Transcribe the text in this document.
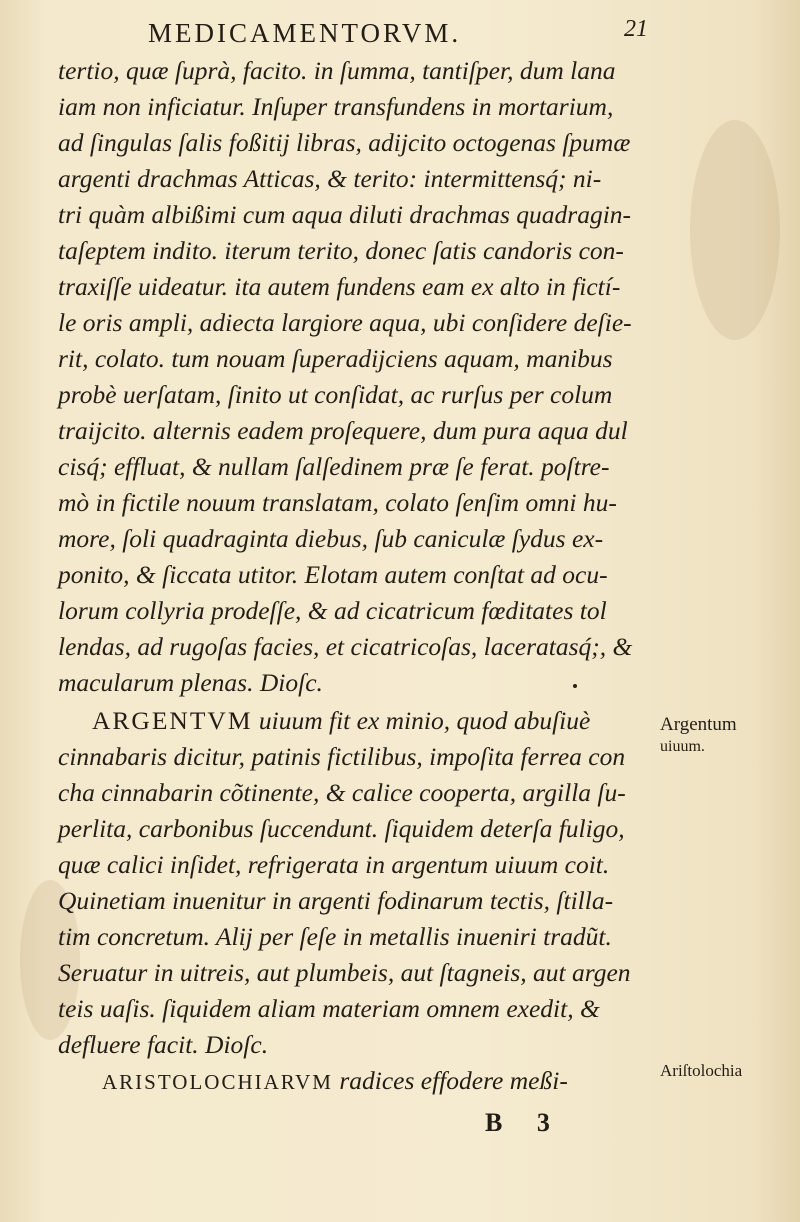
MEDICAMENTORVM.	21
tertio, quæ ſuprà, facito. in ſumma, tantiſper, dum lana
iam non inficiatur. Inſuper transfundens in mortarium,
ad ſingulas ſalis foßitij libras, adijcito octogenas ſpumæ
argenti drachmas Atticas, & terito: intermittensq́; ni-
tri quàm albißimi cum aqua diluti drachmas quadragin-
taſeptem indito. iterum terito, donec ſatis candoris con-
traxiſſe uideatur. ita autem fundens eam ex alto in fictí-
le oris ampli, adiecta largiore aqua, ubi conſidere deſie-
rit, colato. tum nouam ſuperadijciens aquam, manibus
probè uerſatam, ſinito ut conſidat, ac rurſus per colum
traijcito. alternis eadem proſequere, dum pura aqua dul
cisq́; effluat, & nullam ſalſedinem præ ſe ferat. poſtre-
mò in fictile nouum translatam, colato ſenſim omni hu-
more, ſoli quadraginta diebus, ſub caniculæ ſydus ex-
ponito, & ſiccata utitor. Elotam autem conſtat ad ocu-
lorum collyria prodeſſe, & ad cicatricum fœditates tol
lendas, ad rugoſas facies, et cicatricoſas, laceratasq́;, &
macularum plenas. Dioſc.
ARGENTVM uiuum fit ex minio, quod abuſiuè
cinnabaris dicitur, patinis fictilibus, impoſita ferrea con
cha cinnabarin cõtinente, & calice cooperta, argilla ſu-
perlita, carbonibus ſuccendunt. ſiquidem deterſa fuligo,
quæ calici inſidet, refrigerata in argentum uiuum coit.
Quinetiam inuenitur in argenti fodinarum tectis, ſtilla-
tim concretum. Alij per ſeſe in metallis inueniri tradũt.
Seruatur in uitreis, aut plumbeis, aut ſtagneis, aut argen
teis uaſis. ſiquidem aliam materiam omnem exedit, &
defluere facit. Dioſc.
Argentum
uiuum.
ARISTOLOCHIARVM radices effodere meßi-	Ariſtolochia
B 3
